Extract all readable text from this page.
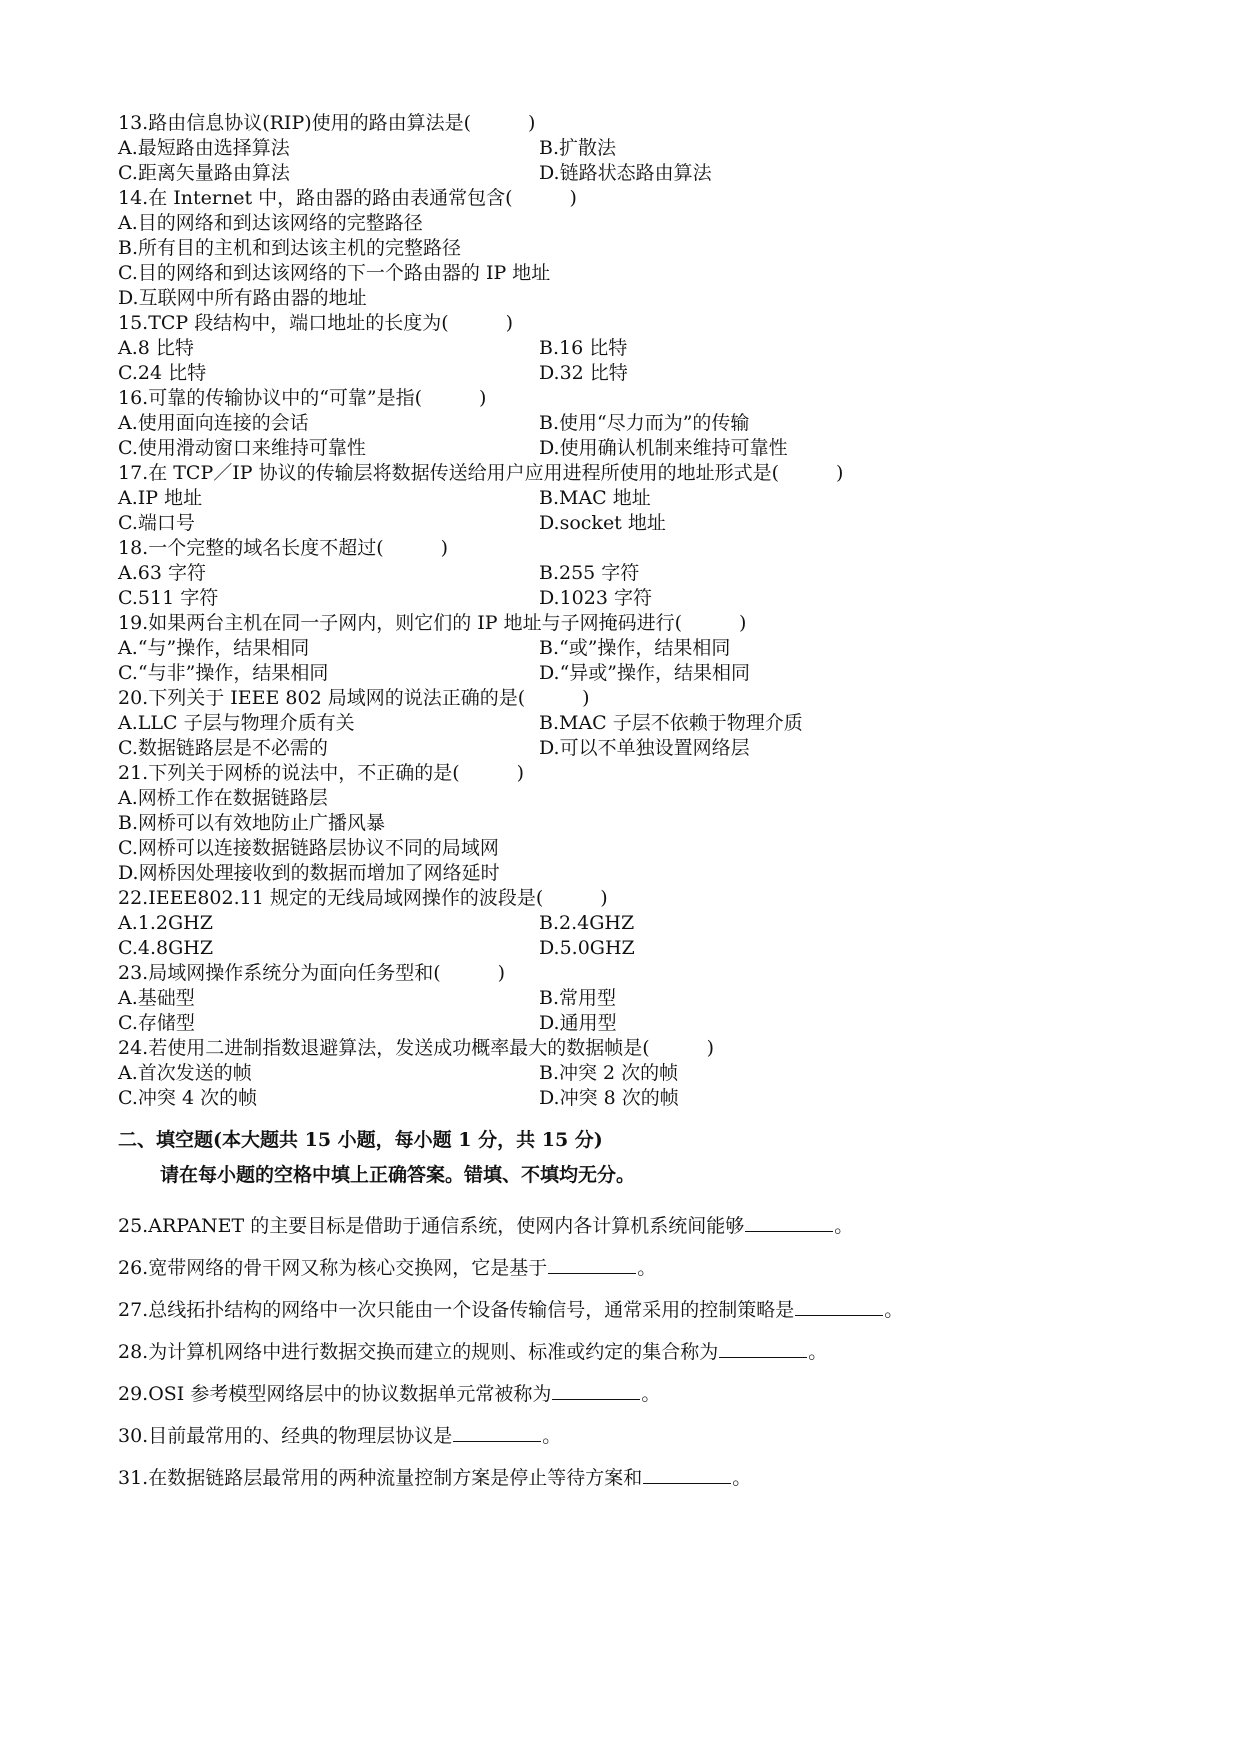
13.路由信息协议(RIP)使用的路由算法是(　　　)
A.最短路由选择算法	B.扩散法
C.距离矢量路由算法	D.链路状态路由算法
14.在 Internet 中，路由器的路由表通常包含(　　　)
A.目的网络和到达该网络的完整路径
B.所有目的主机和到达该主机的完整路径
C.目的网络和到达该网络的下一个路由器的 IP 地址
D.互联网中所有路由器的地址
15.TCP 段结构中，端口地址的长度为(　　　)
A.8 比特	B.16 比特
C.24 比特	D.32 比特
16.可靠的传输协议中的“可靠”是指(　　　)
A.使用面向连接的会话	B.使用“尽力而为”的传输
C.使用滑动窗口来维持可靠性	D.使用确认机制来维持可靠性
17.在 TCP／IP 协议的传输层将数据传送给用户应用进程所使用的地址形式是(　　　)
A.IP 地址	B.MAC 地址
C.端口号	D.socket 地址
18.一个完整的域名长度不超过(　　　)
A.63 字符	B.255 字符
C.511 字符	D.1023 字符
19.如果两台主机在同一子网内，则它们的 IP 地址与子网掩码进行(　　　)
A.“与”操作，结果相同	B.“或”操作，结果相同
C.“与非”操作，结果相同	D.“异或”操作，结果相同
20.下列关于 IEEE 802 局域网的说法正确的是(　　　)
A.LLC 子层与物理介质有关	B.MAC 子层不依赖于物理介质
C.数据链路层是不必需的	D.可以不单独设置网络层
21.下列关于网桥的说法中，不正确的是(　　　)
A.网桥工作在数据链路层
B.网桥可以有效地防止广播风暴
C.网桥可以连接数据链路层协议不同的局域网
D.网桥因处理接收到的数据而增加了网络延时
22.IEEE802.11 规定的无线局域网操作的波段是(　　　)
A.1.2GHZ	B.2.4GHZ
C.4.8GHZ	D.5.0GHZ
23.局域网操作系统分为面向任务型和(　　　)
A.基础型	B.常用型
C.存储型	D.通用型
24.若使用二进制指数退避算法，发送成功概率最大的数据帧是(　　　)
A.首次发送的帧	B.冲突 2 次的帧
C.冲突 4 次的帧	D.冲突 8 次的帧
二、填空题(本大题共 15 小题，每小题 1 分，共 15 分)
请在每小题的空格中填上正确答案。错填、不填均无分。
25.ARPANET 的主要目标是借助于通信系统，使网内各计算机系统间能够	。
26.宽带网络的骨干网又称为核心交换网，它是基于	。
27.总线拓扑结构的网络中一次只能由一个设备传输信号，通常采用的控制策略是	。
28.为计算机网络中进行数据交换而建立的规则、标准或约定的集合称为	。
29.OSI 参考模型网络层中的协议数据单元常被称为	。
30.目前最常用的、经典的物理层协议是	。
31.在数据链路层最常用的两种流量控制方案是停止等待方案和	。
